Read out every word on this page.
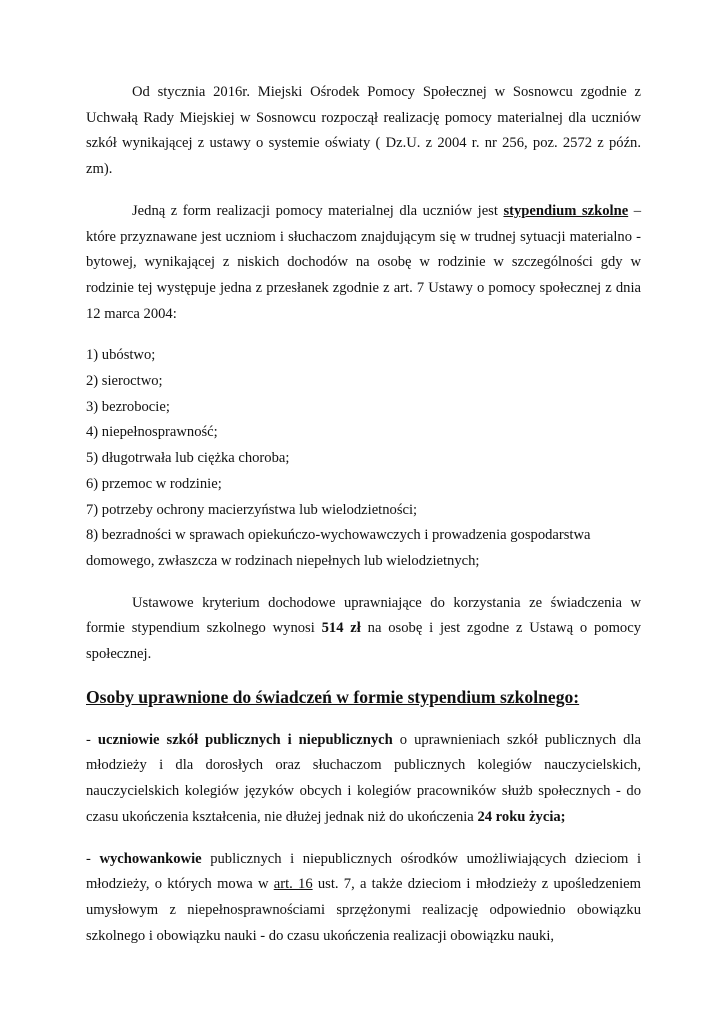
Od stycznia 2016r. Miejski Ośrodek Pomocy Społecznej w Sosnowcu zgodnie z Uchwałą Rady Miejskiej w Sosnowcu rozpoczął realizację pomocy materialnej dla uczniów szkół wynikającej z ustawy o systemie oświaty ( Dz.U. z 2004 r. nr 256, poz. 2572 z późn. zm).

Jedną z form realizacji pomocy materialnej dla uczniów jest stypendium szkolne – które przyznawane jest uczniom i słuchaczom znajdującym się w trudnej sytuacji materialno - bytowej, wynikającej z niskich dochodów na osobę w rodzinie w szczególności gdy w rodzinie tej występuje jedna z przesłanek zgodnie z art. 7 Ustawy o pomocy społecznej z dnia 12 marca 2004:

1) ubóstwo;
2) sieroctwo;
3) bezrobocie;
4) niepełnosprawność;
5) długotrwała lub ciężka choroba;
6) przemoc w rodzinie;
7) potrzeby ochrony macierzyństwa lub wielodzietności;
8) bezradności w sprawach opiekuńczo-wychowawczych i prowadzenia gospodarstwa domowego, zwłaszcza w rodzinach niepełnych lub wielodzietnych;

Ustawowe kryterium dochodowe uprawniające do korzystania ze świadczenia w formie stypendium szkolnego wynosi 514 zł na osobę i jest zgodne z Ustawą o pomocy społecznej.

Osoby uprawnione do świadczeń w formie stypendium szkolnego:

- uczniowie szkół publicznych i niepublicznych o uprawnieniach szkół publicznych dla młodzieży i dla dorosłych oraz słuchaczom publicznych kolegiów nauczycielskich, nauczycielskich kolegiów języków obcych i kolegiów pracowników służb społecznych - do czasu ukończenia kształcenia, nie dłużej jednak niż do ukończenia 24 roku życia;

- wychowankowie publicznych i niepublicznych ośrodków umożliwiających dzieciom i młodzieży, o których mowa w art. 16 ust. 7, a także dzieciom i młodzieży z upośledzeniem umysłowym z niepełnosprawnościami sprzężonymi realizację odpowiednio obowiązku szkolnego i obowiązku nauki - do czasu ukończenia realizacji obowiązku nauki,
